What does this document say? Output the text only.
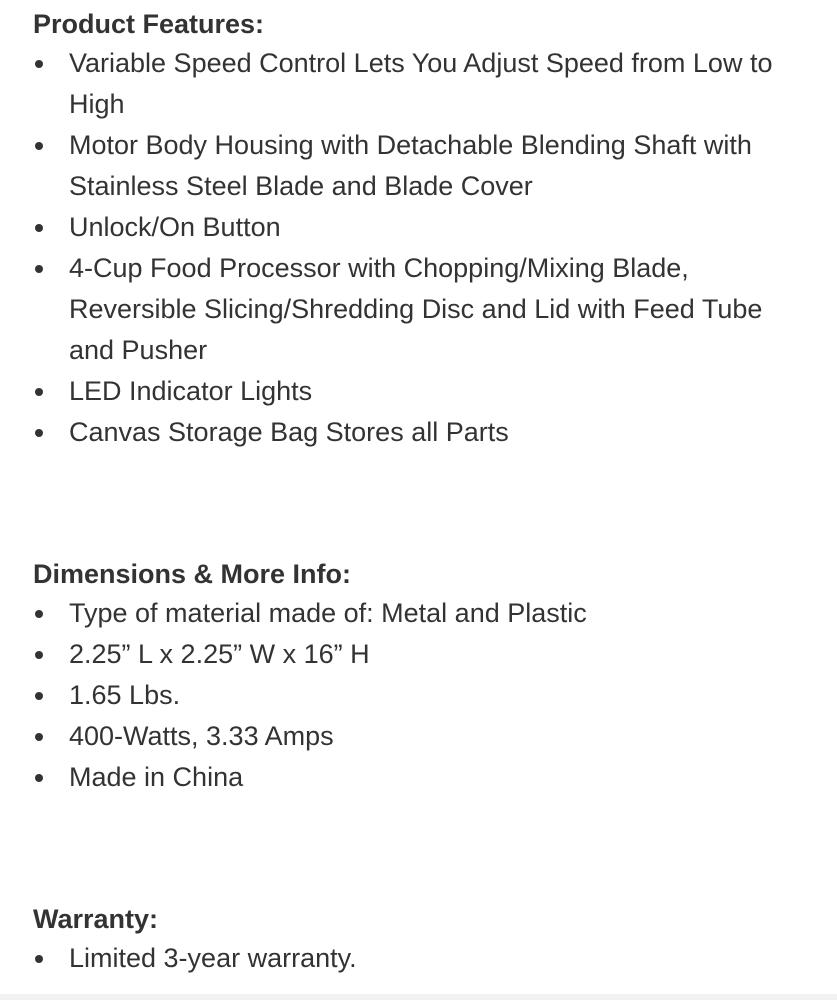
Product Features:
Variable Speed Control Lets You Adjust Speed from Low to High
Motor Body Housing with Detachable Blending Shaft with Stainless Steel Blade and Blade Cover
Unlock/On Button
4-Cup Food Processor with Chopping/Mixing Blade, Reversible Slicing/Shredding Disc and Lid with Feed Tube and Pusher
LED Indicator Lights
Canvas Storage Bag Stores all Parts
Dimensions & More Info:
Type of material made of: Metal and Plastic
2.25” L x 2.25” W x 16” H
1.65 Lbs.
400-Watts, 3.33 Amps
Made in China
Warranty:
Limited 3-year warranty.
